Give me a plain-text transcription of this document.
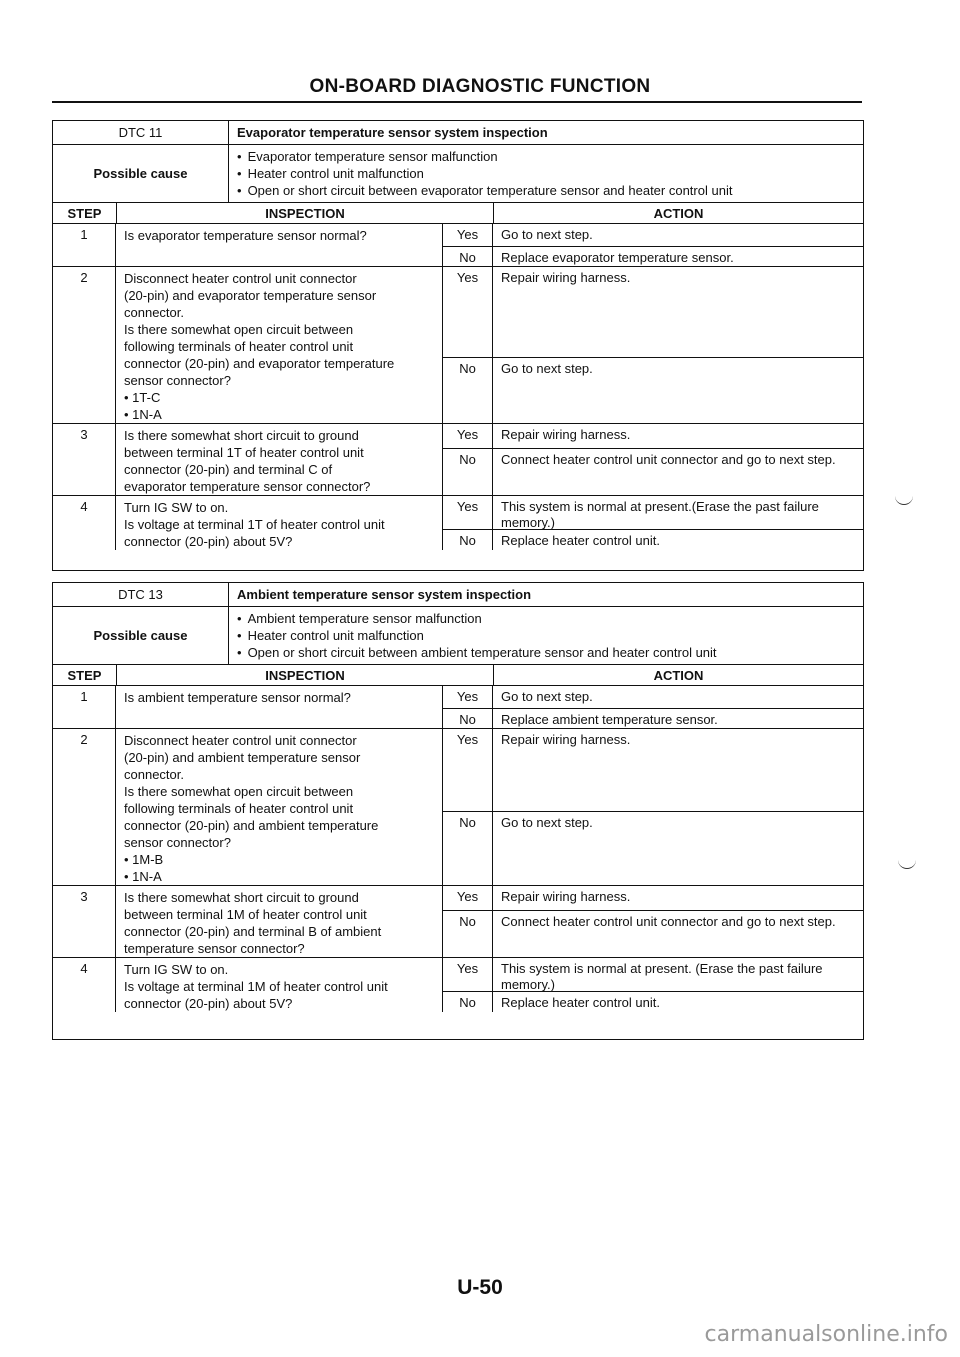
ON-BOARD DIAGNOSTIC FUNCTION
DTC 11	Evaporator temperature sensor system inspection
Possible cause
• Evaporator temperature sensor malfunction
• Heater control unit malfunction
• Open or short circuit between evaporator temperature sensor and heater control unit
STEP	INSPECTION	ACTION
1	Is evaporator temperature sensor normal?	Yes	Go to next step.
No	Replace evaporator temperature sensor.
2	Disconnect heater control unit connector
(20-pin) and evaporator temperature sensor
connector.
Is there somewhat open circuit between
following terminals of heater control unit
connector (20-pin) and evaporator temperature
sensor connector?
• 1T-C
• 1N-A
Yes	Repair wiring harness.
No	Go to next step.
3	Is there somewhat short circuit to ground
between terminal 1T of heater control unit
connector (20-pin) and terminal C of
evaporator temperature sensor connector?
Yes	Repair wiring harness.
No	Connect heater control unit connector and go to next step.
4	Turn IG SW to on.
Is voltage at terminal 1T of heater control unit
connector (20-pin) about 5V?
Yes	This system is normal at present.(Erase the past failure memory.)
No	Replace heater control unit.
DTC 13	Ambient temperature sensor system inspection
Possible cause
• Ambient temperature sensor malfunction
• Heater control unit malfunction
• Open or short circuit between ambient temperature sensor and heater control unit
STEP	INSPECTION	ACTION
1	Is ambient temperature sensor normal?	Yes	Go to next step.
No	Replace ambient temperature sensor.
2	Disconnect heater control unit connector
(20-pin) and ambient temperature sensor
connector.
Is there somewhat open circuit between
following terminals of heater control unit
connector (20-pin) and ambient temperature
sensor connector?
• 1M-B
• 1N-A
Yes	Repair wiring harness.
No	Go to next step.
3	Is there somewhat short circuit to ground
between terminal 1M of heater control unit
connector (20-pin) and terminal B of ambient
temperature sensor connector?
Yes	Repair wiring harness.
No	Connect heater control unit connector and go to next step.
4	Turn IG SW to on.
Is voltage at terminal 1M of heater control unit
connector (20-pin) about 5V?
Yes	This system is normal at present. (Erase the past failure memory.)
No	Replace heater control unit.
U-50
carmanualsonline.info
